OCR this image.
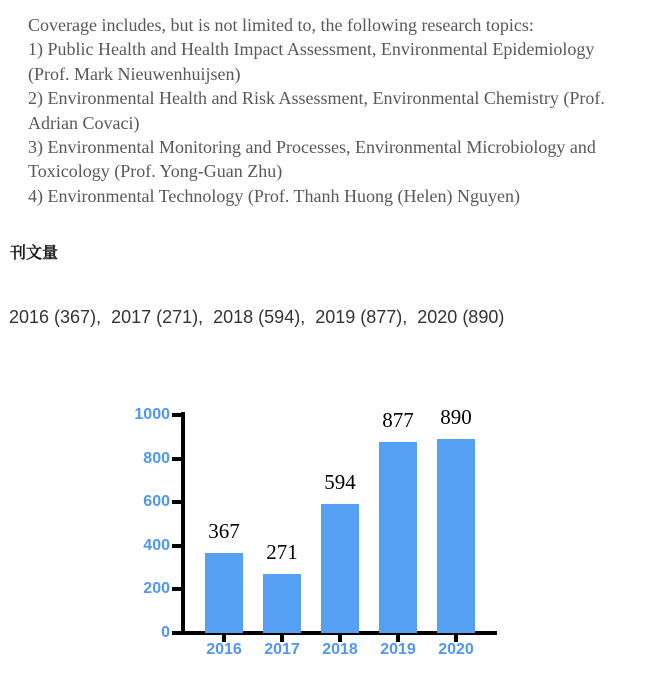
Coverage includes, but is not limited to, the following research topics:
1) Public Health and Health Impact Assessment, Environmental Epidemiology
(Prof. Mark Nieuwenhuijsen)
2) Environmental Health and Risk Assessment, Environmental Chemistry (Prof.
Adrian Covaci)
3) Environmental Monitoring and Processes, Environmental Microbiology and
Toxicology (Prof. Yong-Guan Zhu)
4) Environmental Technology (Prof. Thanh Huong (Helen) Nguyen)
刊文量
2016 (367),  2017 (271),  2018 (594),  2019 (877),  2020 (890)
0
200
400
600
800
1000
367
2016
271
2017
594
2018
877
2019
890
2020
